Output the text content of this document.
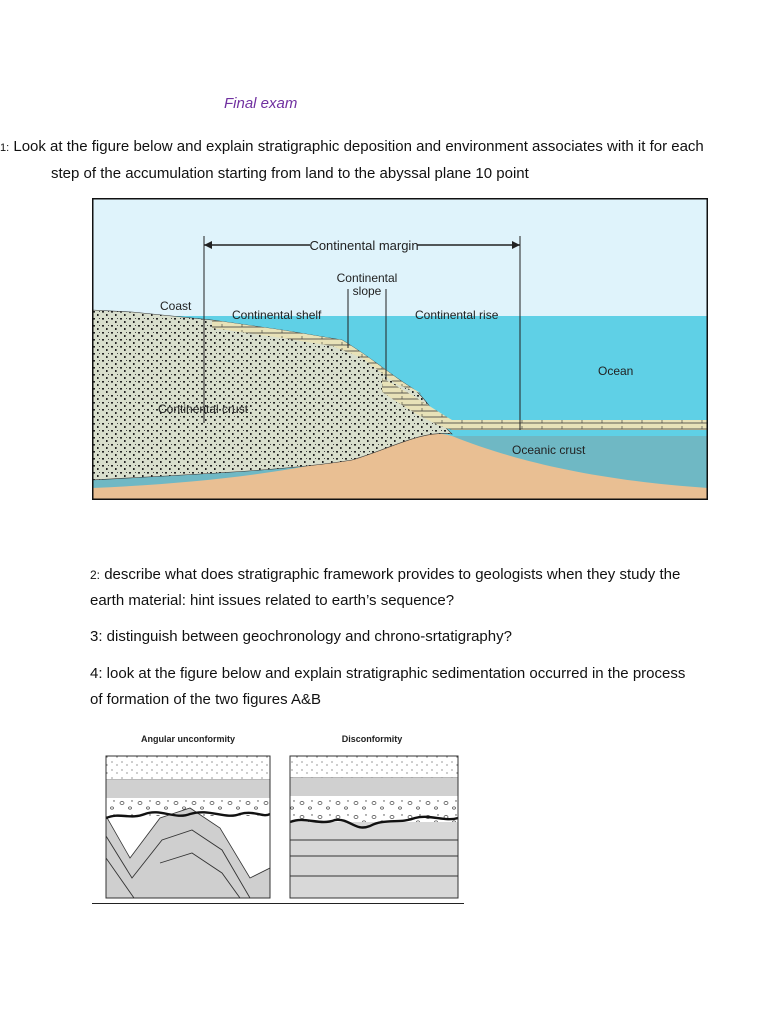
Final exam
1: Look at the figure below and explain stratigraphic deposition and environment associates with it for each
step of the accumulation starting from land to the abyssal plane 10 point
Continental margin
Continental
slope
Coast
Continental shelf	Continental rise
Ocean
Continental crust
Oceanic crust
2: describe what does stratigraphic framework provides to geologists when they study the earth material: hint issues related to earth’s sequence?
3: distinguish between geochronology and chrono-srtatigraphy?
4: look at the figure below and explain stratigraphic sedimentation occurred in the process of formation of the two figures A&B
Angular unconformity	Disconformity
